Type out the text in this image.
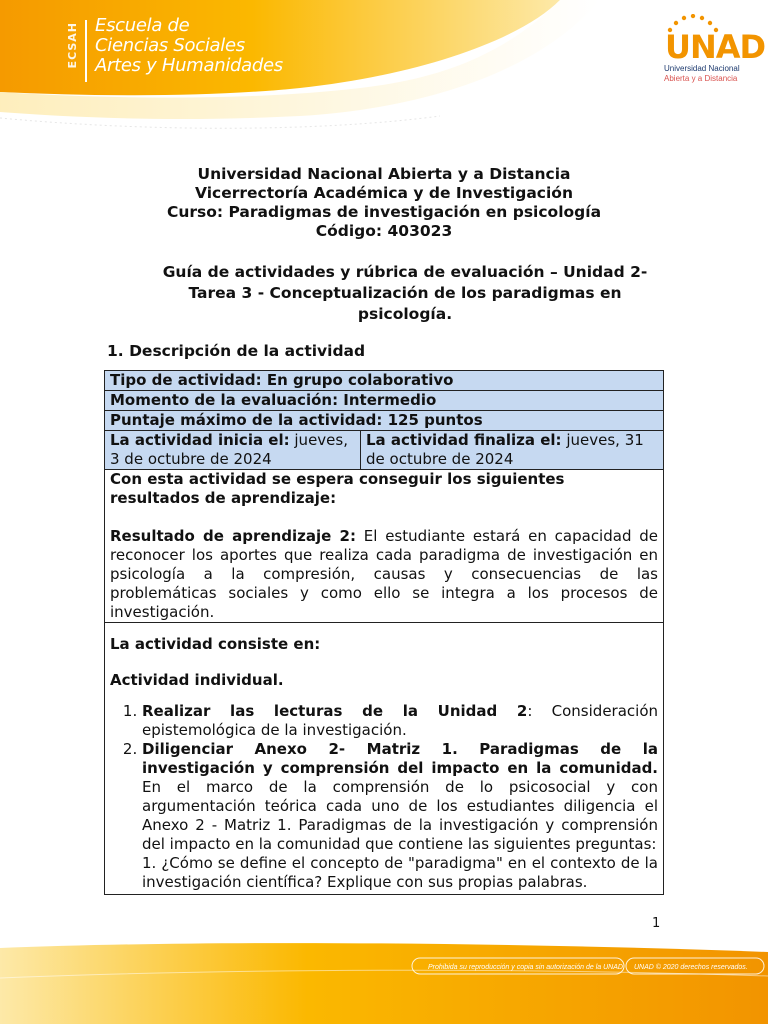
ECSAH Escuela de
Ciencias Sociales
Artes y Humanidades	UNAD
Universidad Nacional
Abierta y a Distancia
Universidad Nacional Abierta y a Distancia
Vicerrectoría Académica y de Investigación
Curso: Paradigmas de investigación en psicología
Código: 403023
Guía de actividades y rúbrica de evaluación – Unidad 2- Tarea 3 - Conceptualización de los paradigmas en psicología.
1. Descripción de la actividad
Tipo de actividad: En grupo colaborativo
Momento de la evaluación: Intermedio
Puntaje máximo de la actividad: 125 puntos
La actividad inicia el: jueves, 3 de octubre de 2024	La actividad finaliza el: jueves, 31 de octubre de 2024

Con esta actividad se espera conseguir los siguientes resultados de aprendizaje:
Resultado de aprendizaje 2: El estudiante estará en capacidad de reconocer los aportes que realiza cada paradigma de investigación en psicología a la compresión, causas y consecuencias de las problemáticas sociales y como ello se integra a los procesos de investigación.

La actividad consiste en:
Actividad individual.
1. Realizar las lecturas de la Unidad 2: Consideración epistemológica de la investigación.
2. Diligenciar Anexo 2- Matriz 1. Paradigmas de la investigación y comprensión del impacto en la comunidad. En el marco de la comprensión de lo psicosocial y con argumentación teórica cada uno de los estudiantes diligencia el Anexo 2 - Matriz 1. Paradigmas de la investigación y comprensión del impacto en la comunidad que contiene las siguientes preguntas:
1. ¿Cómo se define el concepto de "paradigma" en el contexto de la investigación científica? Explique con sus propias palabras.
1
Prohibida su reproducción y copia sin autorización de la UNAD. UNAD © 2020 derechos reservados.
